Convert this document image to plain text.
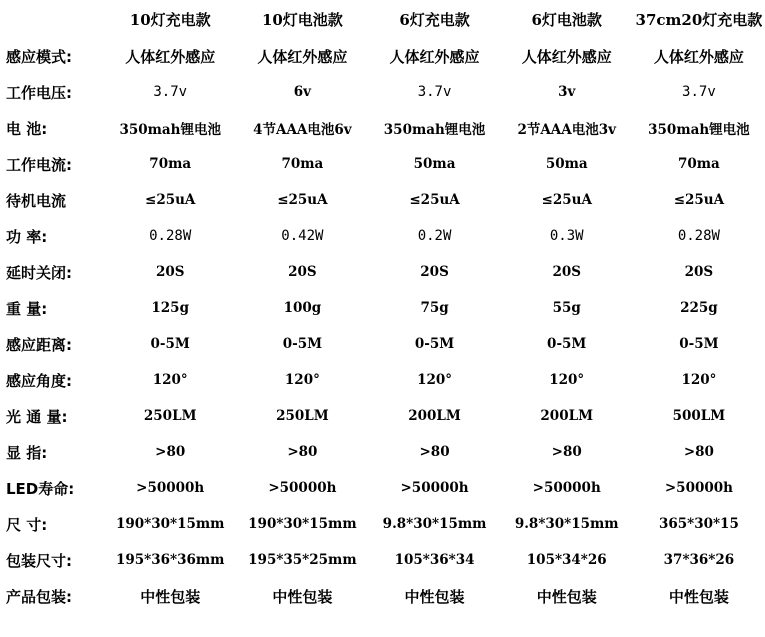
	10灯充电款	10灯电池款	6灯充电款	6灯电池款	37cm20灯充电款
感应模式:	人体红外感应	人体红外感应	人体红外感应	人体红外感应	人体红外感应
工作电压:	3.7v	6v	3.7v	3v	3.7v
电 池:	350mah锂电池	4节AAA电池6v	350mah锂电池	2节AAA电池3v	350mah锂电池
工作电流:	70ma	70ma	50ma	50ma	70ma
待机电流	≤25uA	≤25uA	≤25uA	≤25uA	≤25uA
功 率:	0.28W	0.42W	0.2W	0.3W	0.28W
延时关闭:	20S	20S	20S	20S	20S
重 量:	125g	100g	75g	55g	225g
感应距离:	0-5M	0-5M	0-5M	0-5M	0-5M
感应角度:	120°	120°	120°	120°	120°
光 通 量:	250LM	250LM	200LM	200LM	500LM
显 指:	>80	>80	>80	>80	>80
LED寿命:	>50000h	>50000h	>50000h	>50000h	>50000h
尺 寸:	190*30*15mm	190*30*15mm	9.8*30*15mm	9.8*30*15mm	365*30*15
包装尺寸:	195*36*36mm	195*35*25mm	105*36*34	105*34*26	37*36*26
产品包装:	中性包装	中性包装	中性包装	中性包装	中性包装
